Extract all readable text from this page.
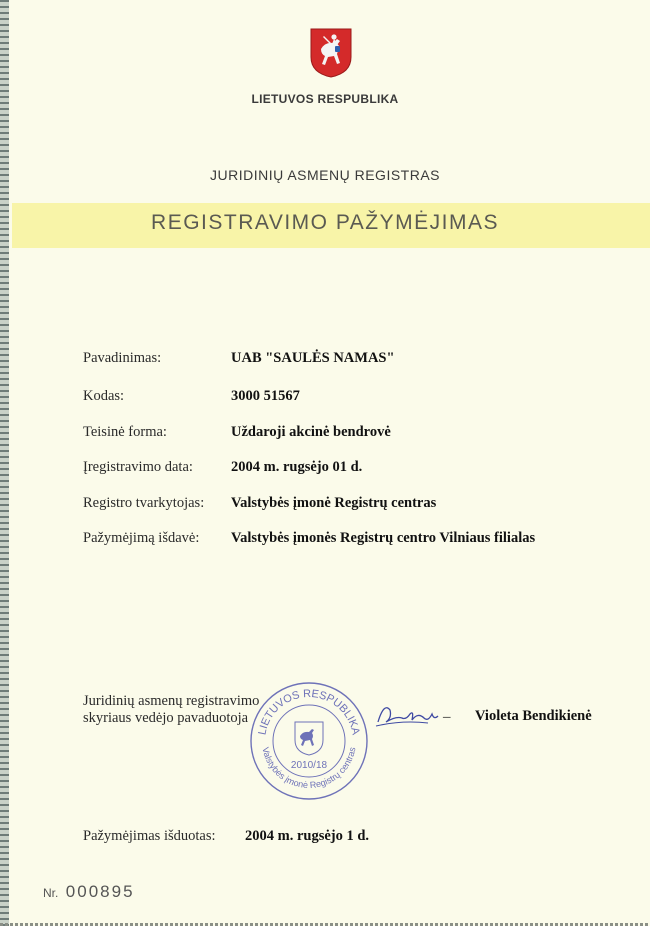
LIETUVOS RESPUBLIKA
JURIDINIŲ ASMENŲ REGISTRAS
REGISTRAVIMO PAŽYMĖJIMAS
Pavadinimas:	UAB "SAULĖS NAMAS"
Kodas:	3000 51567
Teisinė forma:	Uždaroji akcinė bendrovė
Įregistravimo data:	2004 m. rugsėjo 01 d.
Registro tvarkytojas: Valstybės įmonė Registrų centras
Pažymėjimą išdavė: Valstybės įmonės Registrų centro Vilniaus filialas
Juridinių asmenų registravimo
skyriaus vedėjo pavaduotoja	– Violeta Bendikienė
LIETUVOS RESPUBLIKA
Valstybės įmonė Registrų centras
2010/18
Pažymėjimas išduotas: 2004 m. rugsėjo 1 d.
Nr. 000895
